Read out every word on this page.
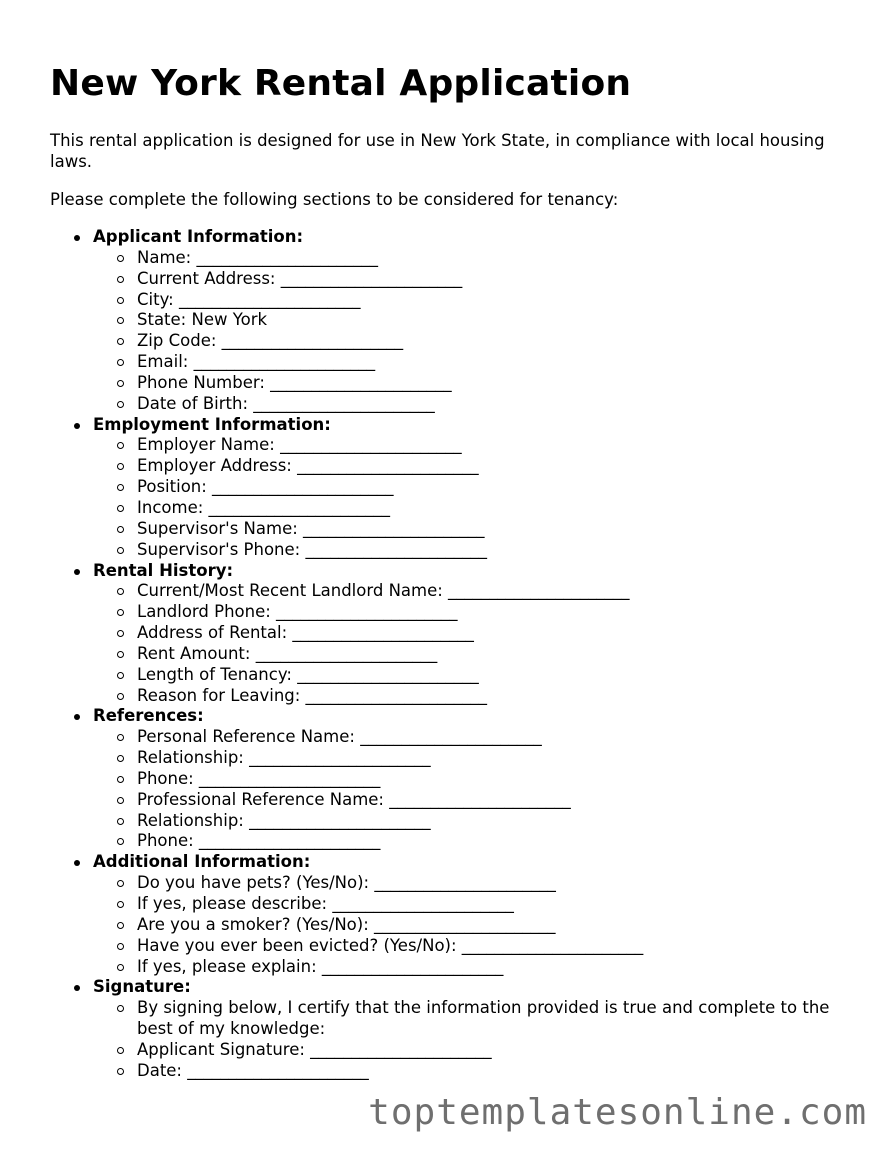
New York Rental Application

This rental application is designed for use in New York State, in compliance with local housing laws.

Please complete the following sections to be considered for tenancy:

Applicant Information:
Name: ______________________
Current Address: ______________________
City: ______________________
State: New York
Zip Code: ______________________
Email: ______________________
Phone Number: ______________________
Date of Birth: ______________________
Employment Information:
Employer Name: ______________________
Employer Address: ______________________
Position: ______________________
Income: ______________________
Supervisor's Name: ______________________
Supervisor's Phone: ______________________
Rental History:
Current/Most Recent Landlord Name: ______________________
Landlord Phone: ______________________
Address of Rental: ______________________
Rent Amount: ______________________
Length of Tenancy: ______________________
Reason for Leaving: ______________________
References:
Personal Reference Name: ______________________
Relationship: ______________________
Phone: ______________________
Professional Reference Name: ______________________
Relationship: ______________________
Phone: ______________________
Additional Information:
Do you have pets? (Yes/No): ______________________
If yes, please describe: ______________________
Are you a smoker? (Yes/No): ______________________
Have you ever been evicted? (Yes/No): ______________________
If yes, please explain: ______________________
Signature:
By signing below, I certify that the information provided is true and complete to the best of my knowledge:
Applicant Signature: ______________________
Date: ______________________
toptemplatesonline.com
